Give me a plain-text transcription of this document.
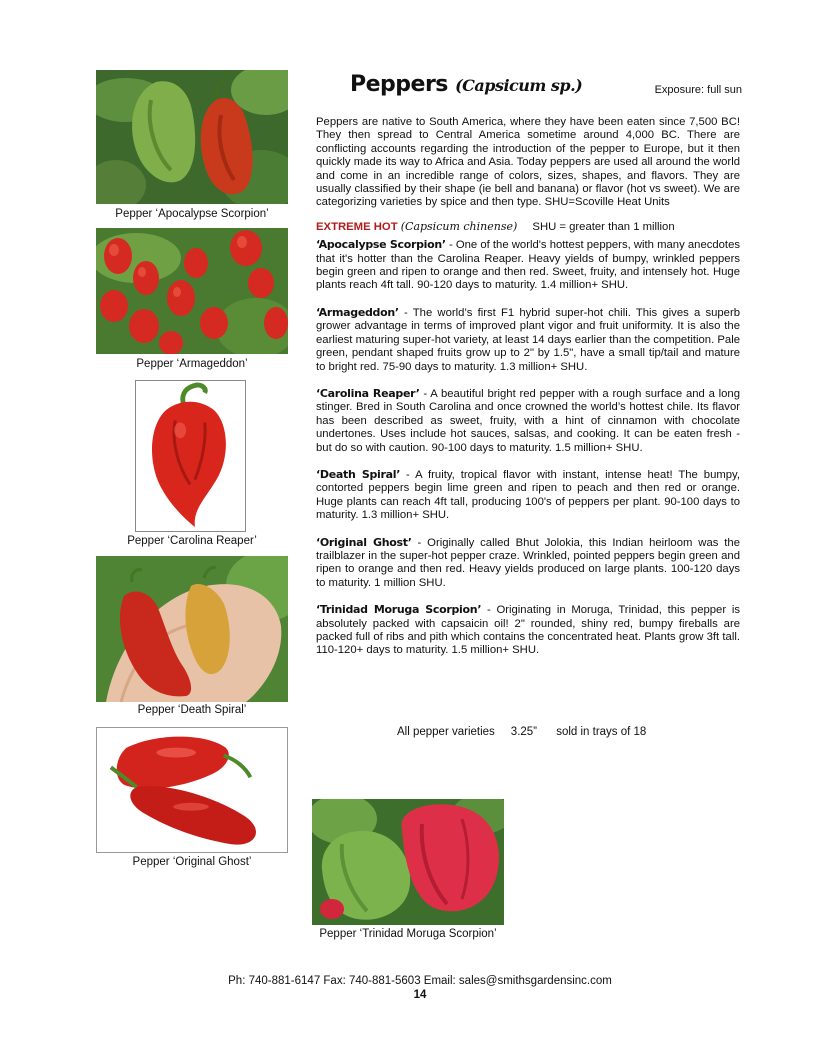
Pepper ‘Apocalypse Scorpion’
Pepper ‘Armageddon’
Pepper ‘Carolina Reaper’
Pepper ‘Death Spiral’
Pepper ‘Original Ghost’
Pepper ‘Trinidad Moruga Scorpion’
Peppers (Capsicum sp.)	Exposure: full sun

Peppers are native to South America, where they have been eaten since 7,500 BC! They then spread to Central America sometime around 4,000 BC. There are conflicting accounts regarding the introduction of the pepper to Europe, but it then quickly made its way to Africa and Asia. Today peppers are used all around the world and come in an incredible range of colors, sizes, shapes, and flavors. They are usually classified by their shape (ie bell and banana) or flavor (hot vs sweet). We are categorizing varieties by spice and then type. SHU=Scoville Heat Units

EXTREME HOT (Capsicum chinense) SHU = greater than 1 million

‘Apocalypse Scorpion’ - One of the world's hottest peppers, with many anecdotes that it's hotter than the Carolina Reaper. Heavy yields of bumpy, wrinkled peppers begin green and ripen to orange and then red. Sweet, fruity, and intensely hot. Huge plants reach 4ft tall. 90-120 days to maturity. 1.4 million+ SHU.

‘Armageddon’ - The world’s first F1 hybrid super-hot chili. This gives a superb grower advantage in terms of improved plant vigor and fruit uniformity. It is also the earliest maturing super-hot variety, at least 14 days earlier than the competition. Pale green, pendant shaped fruits grow up to 2" by 1.5", have a small tip/tail and mature to bright red. 75-90 days to maturity. 1.3 million+ SHU.

‘Carolina Reaper’ - A beautiful bright red pepper with a rough surface and a long stinger. Bred in South Carolina and once crowned the world’s hottest chile. Its flavor has been described as sweet, fruity, with a hint of cinnamon with chocolate undertones. Uses include hot sauces, salsas, and cooking. It can be eaten fresh - but do so with caution. 90-100 days to maturity. 1.5 million+ SHU.

‘Death Spiral’ - A fruity, tropical flavor with instant, intense heat! The bumpy, contorted peppers begin lime green and ripen to peach and then red or orange. Huge plants can reach 4ft tall, producing 100's of peppers per plant. 90-100 days to maturity. 1.3 million+ SHU.

‘Original Ghost’ - Originally called Bhut Jolokia, this Indian heirloom was the trailblazer in the super-hot pepper craze. Wrinkled, pointed peppers begin green and ripen to orange and then red. Heavy yields produced on large plants. 100-120 days to maturity. 1 million SHU.

‘Trinidad Moruga Scorpion’ - Originating in Moruga, Trinidad, this pepper is absolutely packed with capsaicin oil! 2" rounded, shiny red, bumpy fireballs are packed full of ribs and pith which contains the concentrated heat. Plants grow 3ft tall. 110-120+ days to maturity. 1.5 million+ SHU.

All pepper varieties 3.25” sold in trays of 18
Ph: 740-881-6147 Fax: 740-881-5603 Email: sales@smithsgardensinc.com
14
